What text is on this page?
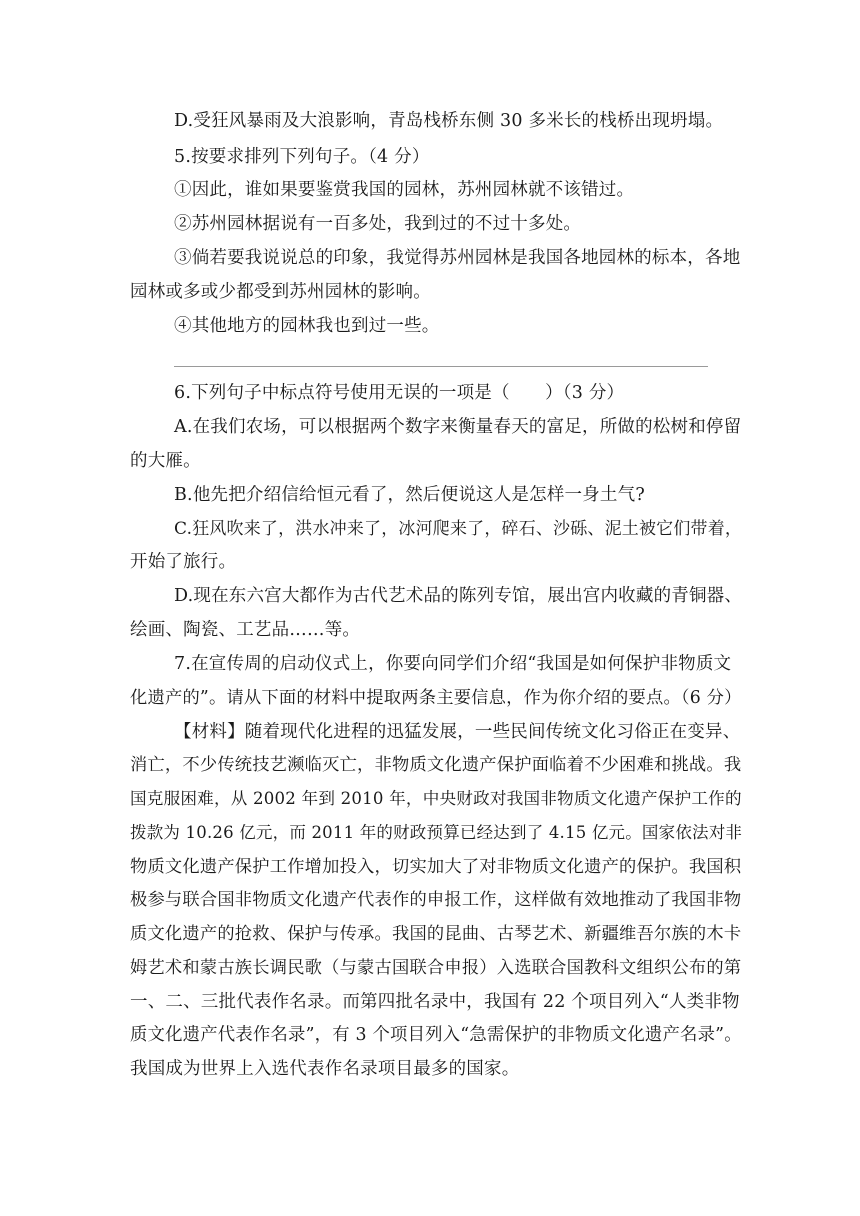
D.受狂风暴雨及大浪影响，青岛栈桥东侧 30 多米长的栈桥出现坍塌。
5.按要求排列下列句子。（4 分）
①因此，谁如果要鉴赏我国的园林，苏州园林就不该错过。
②苏州园林据说有一百多处，我到过的不过十多处。
③倘若要我说说总的印象，我觉得苏州园林是我国各地园林的标本，各地
园林或多或少都受到苏州园林的影响。
④其他地方的园林我也到过一些。
6.下列句子中标点符号使用无误的一项是（　　）（3 分）
A.在我们农场，可以根据两个数字来衡量春天的富足，所做的松树和停留
的大雁。
B.他先把介绍信给恒元看了，然后便说这人是怎样一身土气?
C.狂风吹来了，洪水冲来了，冰河爬来了，碎石、沙砾、泥土被它们带着，
开始了旅行。
D.现在东六宫大都作为古代艺术品的陈列专馆，展出宫内收藏的青铜器、
绘画、陶瓷、工艺品……等。
7.在宣传周的启动仪式上，你要向同学们介绍“我国是如何保护非物质文
化遗产的”。请从下面的材料中提取两条主要信息，作为你介绍的要点。（6 分）
【材料】随着现代化进程的迅猛发展，一些民间传统文化习俗正在变异、
消亡，不少传统技艺濒临灭亡，非物质文化遗产保护面临着不少困难和挑战。我
国克服困难，从 2002 年到 2010 年，中央财政对我国非物质文化遗产保护工作的
拨款为 10.26 亿元，而 2011 年的财政预算已经达到了 4.15 亿元。国家依法对非
物质文化遗产保护工作增加投入，切实加大了对非物质文化遗产的保护。我国积
极参与联合国非物质文化遗产代表作的申报工作，这样做有效地推动了我国非物
质文化遗产的抢救、保护与传承。我国的昆曲、古琴艺术、新疆维吾尔族的木卡
姆艺术和蒙古族长调民歌（与蒙古国联合申报）入选联合国教科文组织公布的第
一、二、三批代表作名录。而第四批名录中，我国有 22 个项目列入“人类非物
质文化遗产代表作名录”，有 3 个项目列入“急需保护的非物质文化遗产名录”。
我国成为世界上入选代表作名录项目最多的国家。
